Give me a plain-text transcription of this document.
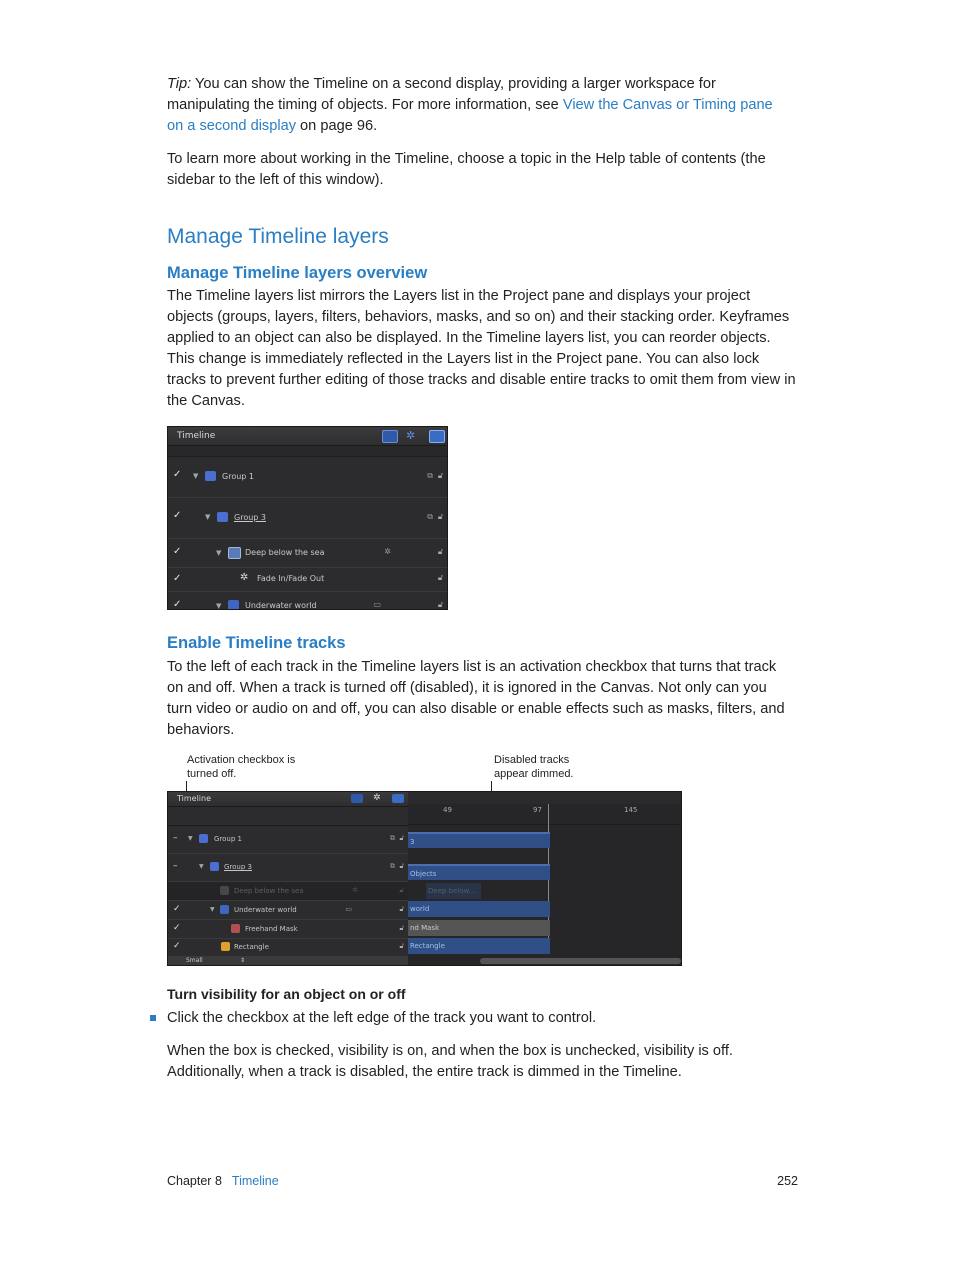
Tip: You can show the Timeline on a second display, providing a larger workspace for manipulating the timing of objects. For more information, see View the Canvas or Timing pane on a second display on page 96.

To learn more about working in the Timeline, choose a topic in the Help table of contents (the sidebar to the left of this window).

Manage Timeline layers
Manage Timeline layers overview

The Timeline layers list mirrors the Layers list in the Project pane and displays your project objects (groups, layers, filters, behaviors, masks, and so on) and their stacking order. Keyframes applied to an object can also be displayed. In the Timeline layers list, you can reorder objects. This change is immediately reflected in the Layers list in the Project pane. You can also lock tracks to prevent further editing of those tracks and disable entire tracks to omit them from view in the Canvas.

Enable Timeline tracks

To the left of each track in the Timeline layers list is an activation checkbox that turns that track on and off. When a track is turned off (disabled), it is ignored in the Canvas. Not only can you turn video or audio on and off, you can also disable or enable effects such as masks, filters, and behaviors.

Turn visibility for an object on or off

Click the checkbox at the left edge of the track you want to control.

When the box is checked, visibility is on, and when the box is unchecked, visibility is off. Additionally, when a track is disabled, the entire track is dimmed in the Timeline.

Timeline	✲
✓ ▼	Group 1	⧉ 🔓︎
✓	▼	Group 3	⧉ 🔓︎
✓	▼	Deep below the sea	✲	🔓︎
✓	✲ Fade In/Fade Out	🔓︎
✓	▼	Underwater world	▭	🔓︎
Activation checkbox is turned off.
Disabled tracks appear dimmed.
Timeline	✲
– ▼	Group 1	⧉ 🔓︎
–	▼	Group 3	⧉ 🔓︎
Deep below the sea	✲	🔓︎
✓	▼	Underwater world	▭	🔓︎
✓	Freehand Mask	🔓︎
✓	Rectangle	🔓︎
Small	⇕
49	97	145
3
Objects
Deep below...
world
nd Mask
Rectangle
Chapter 8 Timeline	252
